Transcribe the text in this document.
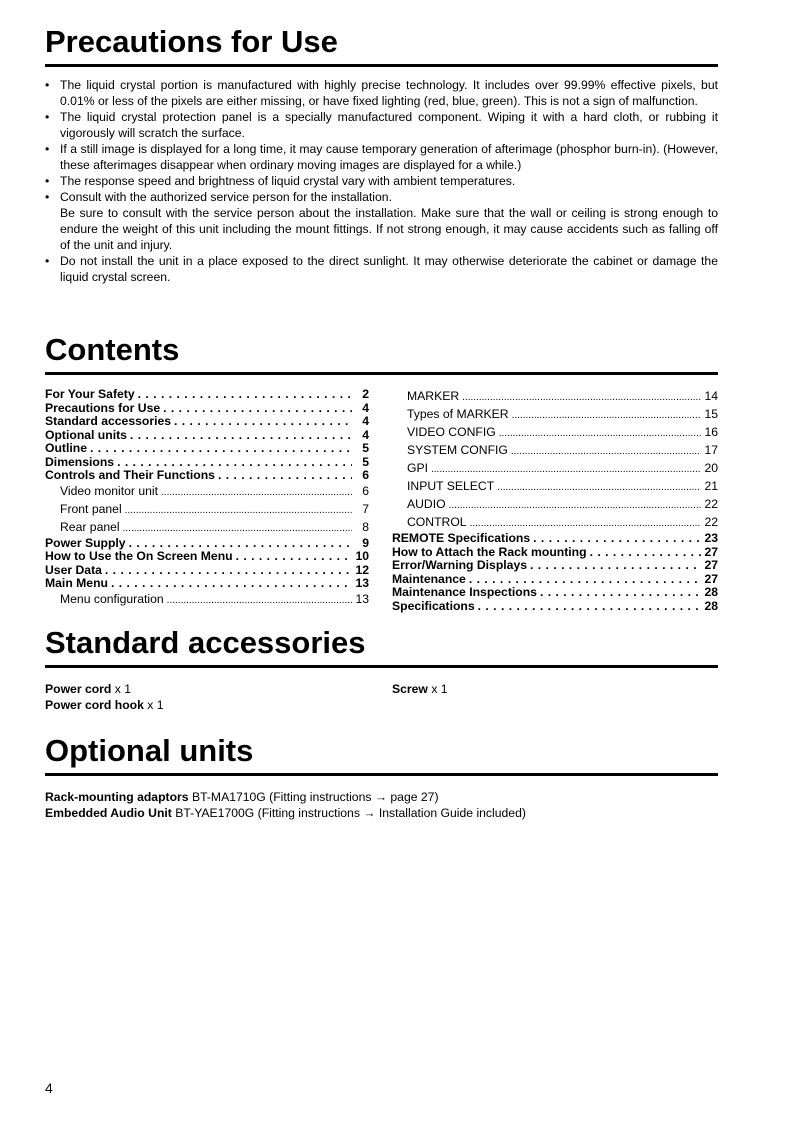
Precautions for Use
• The liquid crystal portion is manufactured with highly precise technology. It includes over 99.99% effective pixels, but 0.01% or less of the pixels are either missing, or have fixed lighting (red, blue, green). This is not a sign of malfunction.
• The liquid crystal protection panel is a specially manufactured component. Wiping it with a hard cloth, or rubbing it vigorously will scratch the surface.
• If a still image is displayed for a long time, it may cause temporary generation of afterimage (phosphor burn-in). (However, these afterimages disappear when ordinary moving images are displayed for a while.)
• The response speed and brightness of liquid crystal vary with ambient temperatures.
• Consult with the authorized service person for the installation.
Be sure to consult with the service person about the installation. Make sure that the wall or ceiling is strong enough to endure the weight of this unit including the mount fittings. If not strong enough, it may cause accidents such as falling off of the unit and injury.
• Do not install the unit in a place exposed to the direct sunlight. It may otherwise deteriorate the cabinet or damage the liquid crystal screen.
Contents
For Your Safety . . .	2
Precautions for Use . . .	4
Standard accessories . . .	4
Optional units . . .	4
Outline . . .	5
Dimensions . . .	5
Controls and Their Functions . . .	6
Video monitor unit .....	6
Front panel .....	7
Rear panel .....	8
Power Supply . . .	9
How to Use the On Screen Menu . . .	10
User Data . . .	12
Main Menu . . .	13
Menu configuration .....	13
MARKER .....	14
Types of MARKER .....	15
VIDEO CONFIG .....	16
SYSTEM CONFIG .....	17
GPI .....	20
INPUT SELECT .....	21
AUDIO .....	22
CONTROL .....	22
REMOTE Specifications . . .	23
How to Attach the Rack mounting . . .	27
Error/Warning Displays . . .	27
Maintenance . . .	27
Maintenance Inspections . . .	28
Specifications . . .	28
Standard accessories
Power cord x 1
Power cord hook x 1
Screw x 1
Optional units
Rack-mounting adaptors BT-MA1710G (Fitting instructions → page 27)
Embedded Audio Unit BT-YAE1700G (Fitting instructions → Installation Guide included)
4
